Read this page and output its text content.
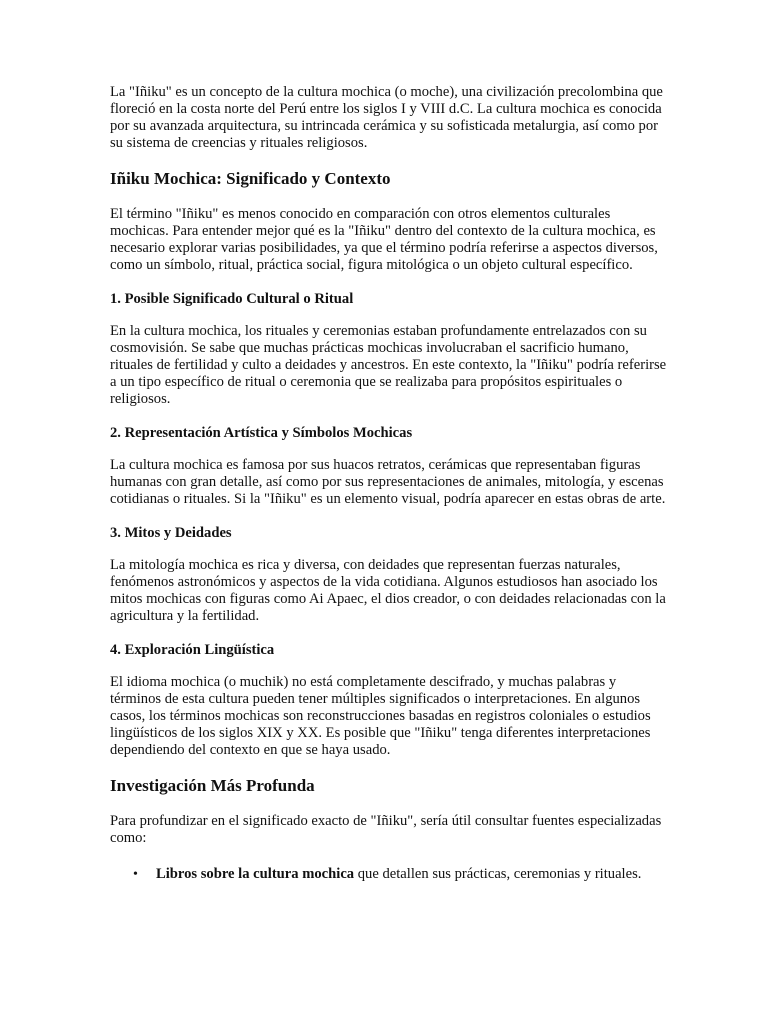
La "Iñiku" es un concepto de la cultura mochica (o moche), una civilización precolombina que floreció en la costa norte del Perú entre los siglos I y VIII d.C. La cultura mochica es conocida por su avanzada arquitectura, su intrincada cerámica y su sofisticada metalurgia, así como por su sistema de creencias y rituales religiosos.

Iñiku Mochica: Significado y Contexto

El término "Iñiku" es menos conocido en comparación con otros elementos culturales mochicas. Para entender mejor qué es la "Iñiku" dentro del contexto de la cultura mochica, es necesario explorar varias posibilidades, ya que el término podría referirse a aspectos diversos, como un símbolo, ritual, práctica social, figura mitológica o un objeto cultural específico.

1. Posible Significado Cultural o Ritual

En la cultura mochica, los rituales y ceremonias estaban profundamente entrelazados con su cosmovisión. Se sabe que muchas prácticas mochicas involucraban el sacrificio humano, rituales de fertilidad y culto a deidades y ancestros. En este contexto, la "Iñiku" podría referirse a un tipo específico de ritual o ceremonia que se realizaba para propósitos espirituales o religiosos.

2. Representación Artística y Símbolos Mochicas

La cultura mochica es famosa por sus huacos retratos, cerámicas que representaban figuras humanas con gran detalle, así como por sus representaciones de animales, mitología, y escenas cotidianas o rituales. Si la "Iñiku" es un elemento visual, podría aparecer en estas obras de arte.

3. Mitos y Deidades

La mitología mochica es rica y diversa, con deidades que representan fuerzas naturales, fenómenos astronómicos y aspectos de la vida cotidiana. Algunos estudiosos han asociado los mitos mochicas con figuras como Ai Apaec, el dios creador, o con deidades relacionadas con la agricultura y la fertilidad.

4. Exploración Lingüística

El idioma mochica (o muchik) no está completamente descifrado, y muchas palabras y términos de esta cultura pueden tener múltiples significados o interpretaciones. En algunos casos, los términos mochicas son reconstrucciones basadas en registros coloniales o estudios lingüísticos de los siglos XIX y XX. Es posible que "Iñiku" tenga diferentes interpretaciones dependiendo del contexto en que se haya usado.

Investigación Más Profunda

Para profundizar en el significado exacto de "Iñiku", sería útil consultar fuentes especializadas como:

• Libros sobre la cultura mochica que detallen sus prácticas, ceremonias y rituales.
